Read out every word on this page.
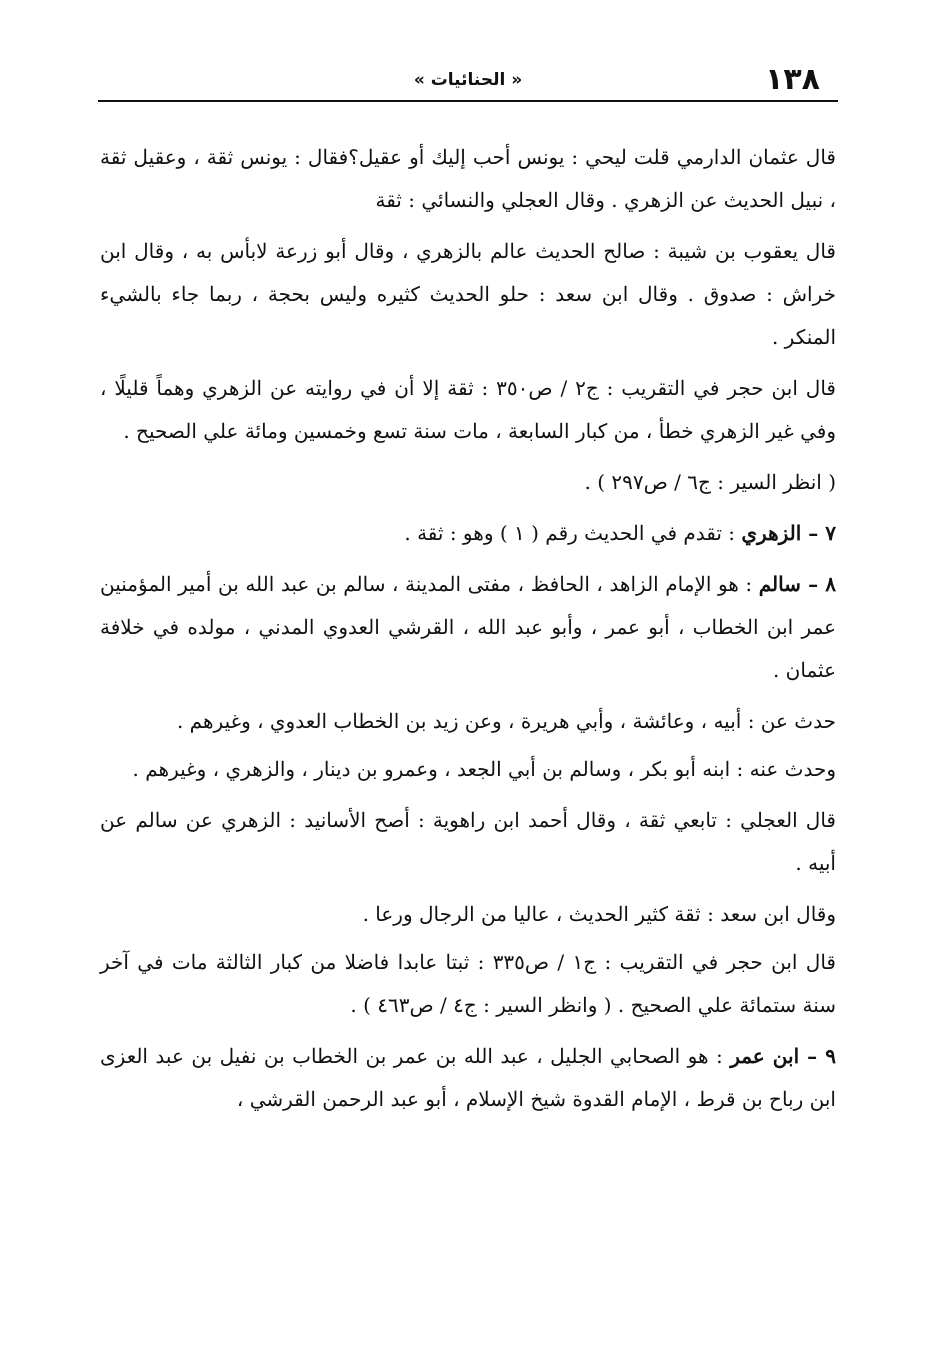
١٣٨
« الحنائيات »

قال عثمان الدارمي قلت ليحي : يونس أحب إليك أو عقيل؟فقال : يونس ثقة ، وعقيل ثقة ، نبيل الحديث عن الزهري . وقال العجلي والنسائي : ثقة

قال يعقوب بن شيبة : صالح الحديث عالم بالزهري ، وقال أبو زرعة لابأس به ، وقال ابن خراش : صدوق . وقال ابن سعد : حلو الحديث كثيره وليس بحجة ، ربما جاء بالشيء المنكر .

قال ابن حجر في التقريب : ج٢ / ص٣٥٠ : ثقة إلا أن في روايته عن الزهري وهماً قليلًا ، وفي غير الزهري خطأ ، من كبار السابعة ، مات سنة تسع وخمسين ومائة علي الصحيح .

( انظر السير : ج٦ / ص٢٩٧ ) .

٧ – الزهري : تقدم في الحديث رقم ( ١ ) وهو : ثقة .

٨ – سالم : هو الإمام الزاهد ، الحافظ ، مفتى المدينة ، سالم بن عبد الله بن أمير المؤمنين عمر ابن الخطاب ، أبو عمر ، وأبو عبد الله ، القرشي العدوي المدني ، مولده في خلافة عثمان .

حدث عن : أبيه ، وعائشة ، وأبي هريرة ، وعن زيد بن الخطاب العدوي ، وغيرهم .

وحدث عنه : ابنه أبو بكر ، وسالم بن أبي الجعد ، وعمرو بن دينار ، والزهري ، وغيرهم .

قال العجلي : تابعي ثقة ، وقال أحمد ابن راهوية : أصح الأسانيد : الزهري عن سالم عن أبيه .

وقال ابن سعد : ثقة كثير الحديث ، عاليا من الرجال ورعا .

قال ابن حجر في التقريب : ج١ / ص٣٣٥ : ثبتا عابدا فاضلا من كبار الثالثة مات في آخر سنة ستمائة علي الصحيح . ( وانظر السير : ج٤ / ص٤٦٣ ) .

٩ – ابن عمر : هو الصحابي الجليل ، عبد الله بن عمر بن الخطاب بن نفيل بن عبد العزى ابن رباح بن قرط ، الإمام القدوة شيخ الإسلام ، أبو عبد الرحمن القرشي ،
